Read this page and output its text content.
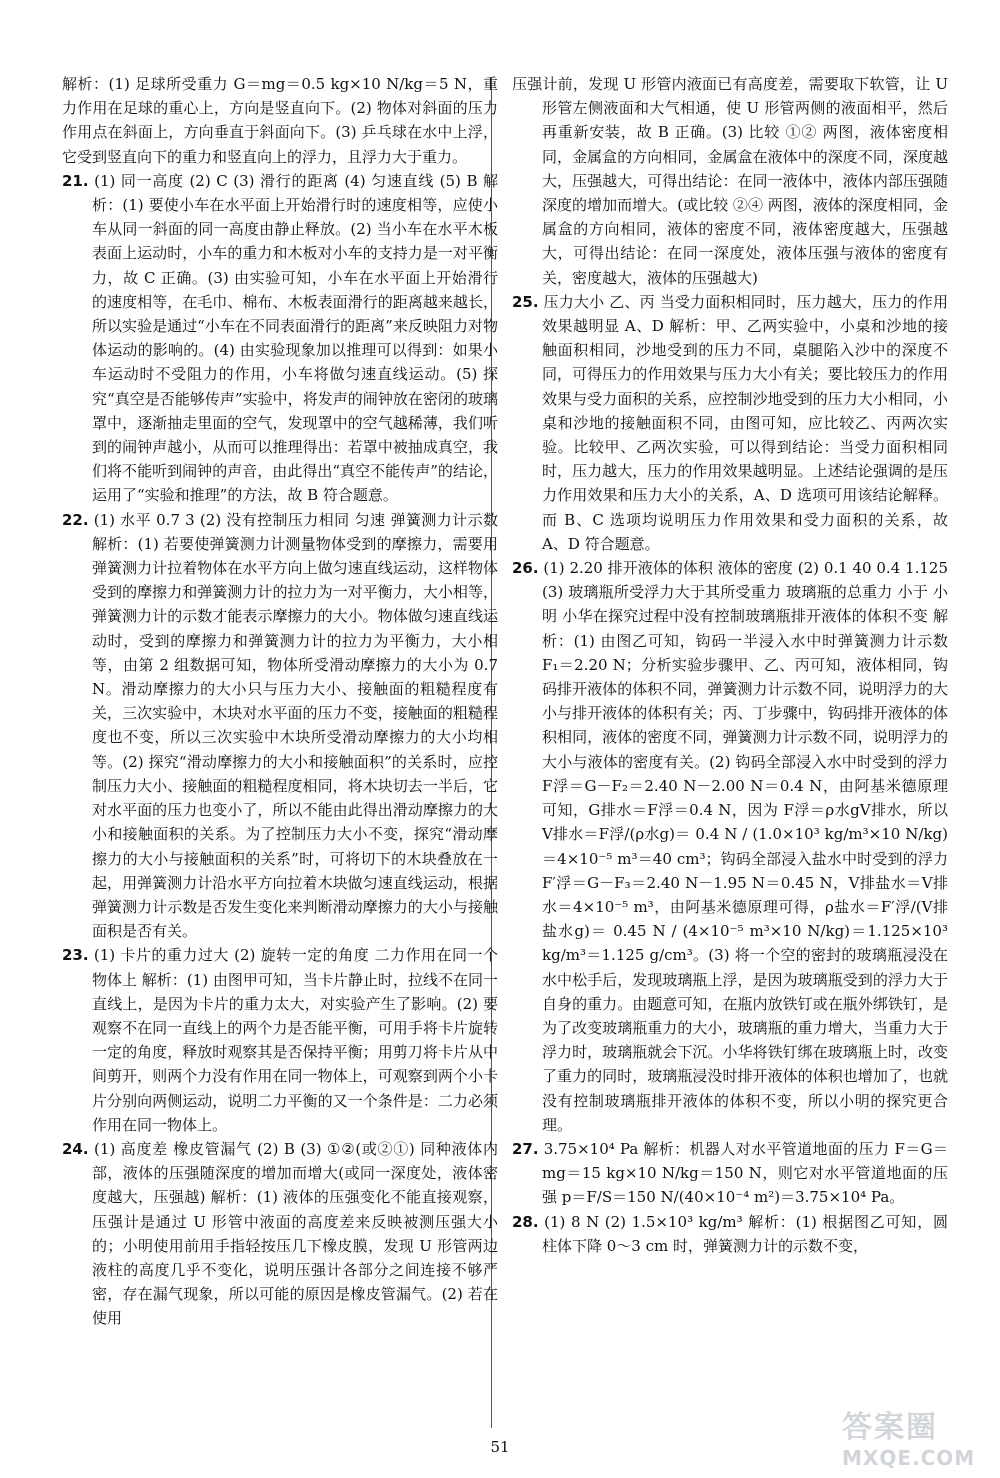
解析：(1) 足球所受重力 G＝mg＝0.5 kg×10 N/kg＝5 N，重力作用在足球的重心上，方向是竖直向下。(2) 物体对斜面的压力作用点在斜面上，方向垂直于斜面向下。(3) 乒乓球在水中上浮，它受到竖直向下的重力和竖直向上的浮力，且浮力大于重力。

21. (1) 同一高度 (2) C (3) 滑行的距离 (4) 匀速直线 (5) B 解析：(1) 要使小车在水平面上开始滑行时的速度相等，应使小车从同一斜面的同一高度由静止释放。(2) 当小车在水平木板表面上运动时，小车的重力和木板对小车的支持力是一对平衡力，故 C 正确。(3) 由实验可知，小车在水平面上开始滑行的速度相等，在毛巾、棉布、木板表面滑行的距离越来越长，所以实验是通过“小车在不同表面滑行的距离”来反映阻力对物体运动的影响的。(4) 由实验现象加以推理可以得到：如果小车运动时不受阻力的作用，小车将做匀速直线运动。(5) 探究“真空是否能够传声”实验中，将发声的闹钟放在密闭的玻璃罩中，逐渐抽走里面的空气，发现罩中的空气越稀薄，我们听到的闹钟声越小，从而可以推理得出：若罩中被抽成真空，我们将不能听到闹钟的声音，由此得出“真空不能传声”的结论，运用了“实验和推理”的方法，故 B 符合题意。
22. (1) 水平 0.7 3 (2) 没有控制压力相同 匀速 弹簧测力计示数 解析：(1) 若要使弹簧测力计测量物体受到的摩擦力，需要用弹簧测力计拉着物体在水平方向上做匀速直线运动，这样物体受到的摩擦力和弹簧测力计的拉力为一对平衡力，大小相等，弹簧测力计的示数才能表示摩擦力的大小。物体做匀速直线运动时，受到的摩擦力和弹簧测力计的拉力为平衡力，大小相等，由第 2 组数据可知，物体所受滑动摩擦力的大小为 0.7 N。滑动摩擦力的大小只与压力大小、接触面的粗糙程度有关，三次实验中，木块对水平面的压力不变，接触面的粗糙程度也不变，所以三次实验中木块所受滑动摩擦力的大小均相等。(2) 探究“滑动摩擦力的大小和接触面积”的关系时，应控制压力大小、接触面的粗糙程度相同，将木块切去一半后，它对水平面的压力也变小了，所以不能由此得出滑动摩擦力的大小和接触面积的关系。为了控制压力大小不变，探究“滑动摩擦力的大小与接触面积的关系”时，可将切下的木块叠放在一起，用弹簧测力计沿水平方向拉着木块做匀速直线运动，根据弹簧测力计示数是否发生变化来判断滑动摩擦力的大小与接触面积是否有关。
23. (1) 卡片的重力过大 (2) 旋转一定的角度 二力作用在同一个物体上 解析：(1) 由图甲可知，当卡片静止时，拉线不在同一直线上，是因为卡片的重力太大，对实验产生了影响。(2) 要观察不在同一直线上的两个力是否能平衡，可用手将卡片旋转一定的角度，释放时观察其是否保持平衡；用剪刀将卡片从中间剪开，则两个力没有作用在同一物体上，可观察到两个小卡片分别向两侧运动，说明二力平衡的又一个条件是：二力必须作用在同一物体上。
24. (1) 高度差 橡皮管漏气 (2) B (3) ①②(或②①) 同种液体内部，液体的压强随深度的增加而增大(或同一深度处，液体密度越大，压强越) 解析：(1) 液体的压强变化不能直接观察，压强计是通过 U 形管中液面的高度差来反映被测压强大小的；小明使用前用手指轻按压几下橡皮膜，发现 U 形管两边液柱的高度几乎不变化，说明压强计各部分之间连接不够严密，存在漏气现象，所以可能的原因是橡皮管漏气。(2) 若在使用
压强计前，发现 U 形管内液面已有高度差，需要取下软管，让 U 形管左侧液面和大气相通，使 U 形管两侧的液面相平，然后再重新安装，故 B 正确。(3) 比较 ①② 两图，液体密度相同，金属盒的方向相同，金属盒在液体中的深度不同，深度越大，压强越大，可得出结论：在同一液体中，液体内部压强随深度的增加而增大。(或比较 ②④ 两图，液体的深度相同，金属盒的方向相同，液体的密度不同，液体密度越大，压强越大，可得出结论：在同一深度处，液体压强与液体的密度有关，密度越大，液体的压强越大)
25. 压力大小 乙、丙 当受力面积相同时，压力越大，压力的作用效果越明显 A、D 解析：甲、乙两实验中，小桌和沙地的接触面积相同，沙地受到的压力不同，桌腿陷入沙中的深度不同，可得压力的作用效果与压力大小有关；要比较压力的作用效果与受力面积的关系，应控制沙地受到的压力大小相同，小桌和沙地的接触面积不同，由图可知，应比较乙、丙两次实验。比较甲、乙两次实验，可以得到结论：当受力面积相同时，压力越大，压力的作用效果越明显。上述结论强调的是压力作用效果和压力大小的关系，A、D 选项可用该结论解释。而 B、C 选项均说明压力作用效果和受力面积的关系，故 A、D 符合题意。
26. (1) 2.20 排开液体的体积 液体的密度 (2) 0.1 40 0.4 1.125 (3) 玻璃瓶所受浮力大于其所受重力 玻璃瓶的总重力 小于 小明 小华在探究过程中没有控制玻璃瓶排开液体的体积不变 解析：(1) 由图乙可知，钩码一半浸入水中时弹簧测力计示数 F₁＝2.20 N；分析实验步骤甲、乙、丙可知，液体相同，钩码排开液体的体积不同，弹簧测力计示数不同，说明浮力的大小与排开液体的体积有关；丙、丁步骤中，钩码排开液体的体积相同，液体的密度不同，弹簧测力计示数不同，说明浮力的大小与液体的密度有关。(2) 钩码全部浸入水中时受到的浮力 F浮＝G－F₂＝2.40 N－2.00 N＝0.4 N，由阿基米德原理可知，G排水＝F浮＝0.4 N，因为 F浮＝ρ水gV排水，所以 V排水＝F浮/(ρ水g)＝ 0.4 N / (1.0×10³ kg/m³×10 N/kg)＝4×10⁻⁵ m³＝40 cm³；钩码全部浸入盐水中时受到的浮力 F′浮＝G－F₃＝2.40 N－1.95 N＝0.45 N，V排盐水＝V排水＝4×10⁻⁵ m³，由阿基米德原理可得，ρ盐水＝F′浮/(V排盐水g)＝ 0.45 N / (4×10⁻⁵ m³×10 N/kg)＝1.125×10³ kg/m³＝1.125 g/cm³。(3) 将一个空的密封的玻璃瓶浸没在水中松手后，发现玻璃瓶上浮，是因为玻璃瓶受到的浮力大于自身的重力。由题意可知，在瓶内放铁钉或在瓶外绑铁钉，是为了改变玻璃瓶重力的大小，玻璃瓶的重力增大，当重力大于浮力时，玻璃瓶就会下沉。小华将铁钉绑在玻璃瓶上时，改变了重力的同时，玻璃瓶浸没时排开液体的体积也增加了，也就没有控制玻璃瓶排开液体的体积不变，所以小明的探究更合理。
27. 3.75×10⁴ Pa 解析：机器人对水平管道地面的压力 F＝G＝mg＝15 kg×10 N/kg＝150 N，则它对水平管道地面的压强 p＝F/S＝150 N/(40×10⁻⁴ m²)＝3.75×10⁴ Pa。
28. (1) 8 N (2) 1.5×10³ kg/m³ 解析：(1) 根据图乙可知，圆柱体下降 0～3 cm 时，弹簧测力计的示数不变，
51
答案圈
MXQE.COM
